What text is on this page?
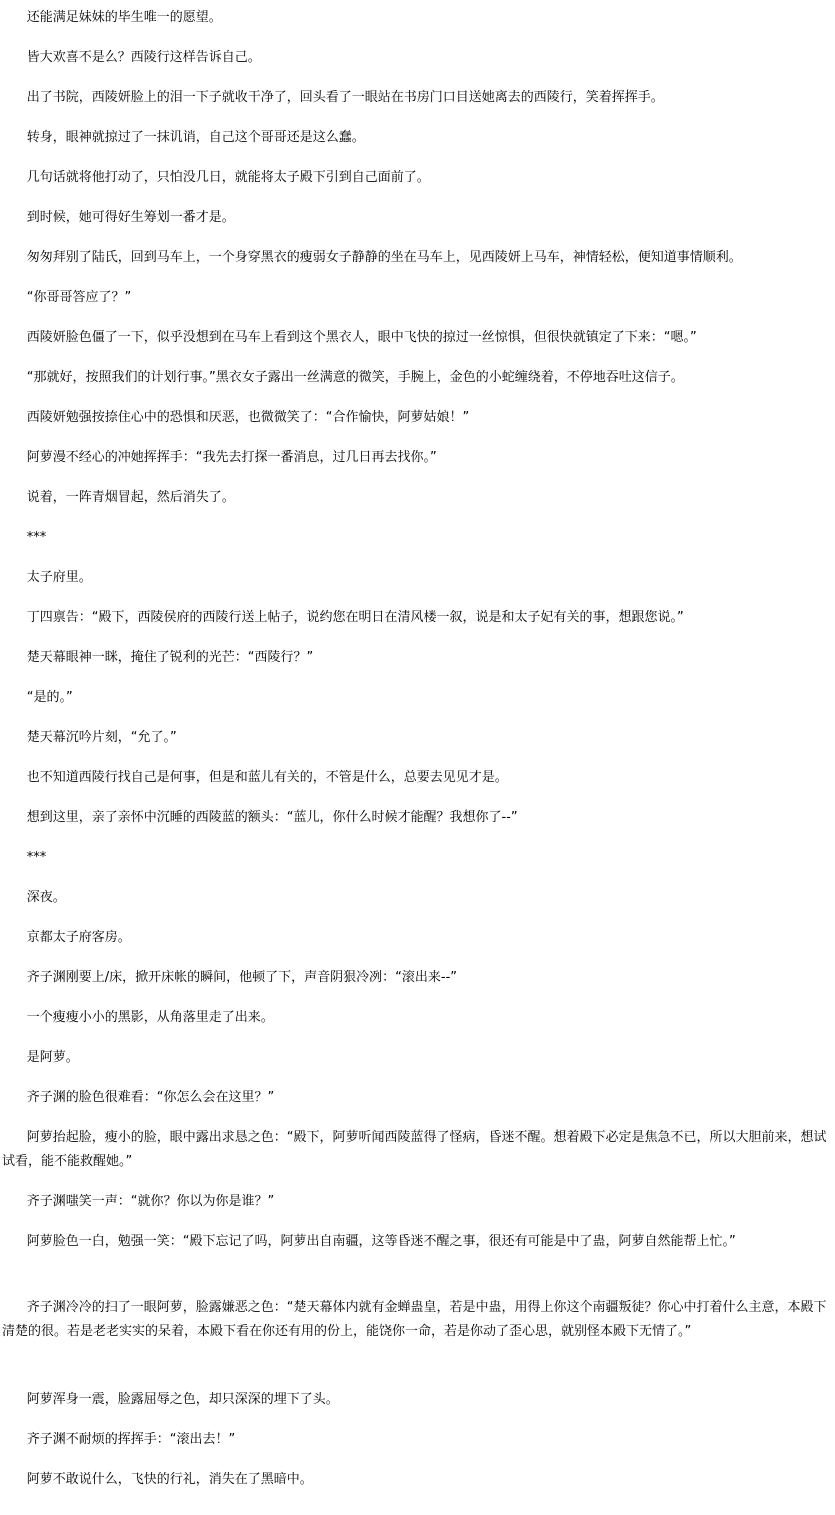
还能满足妹妹的毕生唯一的愿望。

皆大欢喜不是么？西陵行这样告诉自己。

出了书院，西陵妍脸上的泪一下子就收干净了，回头看了一眼站在书房门口目送她离去的西陵行，笑着挥挥手。

转身，眼神就掠过了一抹讥诮，自己这个哥哥还是这么蠢。

几句话就将他打动了，只怕没几日，就能将太子殿下引到自己面前了。

到时候，她可得好生筹划一番才是。

匆匆拜别了陆氏，回到马车上，一个身穿黑衣的瘦弱女子静静的坐在马车上，见西陵妍上马车，神情轻松，便知道事情顺利。

“你哥哥答应了？”

西陵妍脸色僵了一下，似乎没想到在马车上看到这个黑衣人，眼中飞快的掠过一丝惊惧，但很快就镇定了下来：“嗯。”

“那就好，按照我们的计划行事。”黑衣女子露出一丝满意的微笑，手腕上，金色的小蛇缠绕着，不停地吞吐这信子。

西陵妍勉强按捺住心中的恐惧和厌恶，也微微笑了：“合作愉快，阿萝姑娘！”

阿萝漫不经心的冲她挥挥手：“我先去打探一番消息，过几日再去找你。”

说着，一阵青烟冒起，然后消失了。

***

太子府里。

丁四禀告：“殿下，西陵侯府的西陵行送上帖子，说约您在明日在清风楼一叙，说是和太子妃有关的事，想跟您说。”

楚天幕眼神一眯，掩住了锐利的光芒：“西陵行？”

“是的。”

楚天幕沉吟片刻，“允了。”

也不知道西陵行找自己是何事，但是和蓝儿有关的，不管是什么，总要去见见才是。

想到这里，亲了亲怀中沉睡的西陵蓝的额头：“蓝儿，你什么时候才能醒？我想你了--”

***

深夜。

京都太子府客房。

齐子渊刚要上/床，掀开床帐的瞬间，他顿了下，声音阴狠冷冽：“滚出来--”

一个瘦瘦小小的黑影，从角落里走了出来。

是阿萝。

齐子渊的脸色很难看：“你怎么会在这里？”

阿萝抬起脸，瘦小的脸，眼中露出求恳之色：“殿下，阿萝听闻西陵蓝得了怪病，昏迷不醒。想着殿下必定是焦急不已，所以大胆前来，想试试看，能不能救醒她。”

齐子渊嗤笑一声：“就你？你以为你是谁？”

阿萝脸色一白，勉强一笑：“殿下忘记了吗，阿萝出自南疆，这等昏迷不醒之事，很还有可能是中了蛊，阿萝自然能帮上忙。”

齐子渊冷冷的扫了一眼阿萝，脸露嫌恶之色：“楚天幕体内就有金蝉蛊皇，若是中蛊，用得上你这个南疆叛徒？你心中打着什么主意，本殿下清楚的很。若是老老实实的呆着，本殿下看在你还有用的份上，能饶你一命，若是你动了歪心思，就别怪本殿下无情了。”

阿萝浑身一震，脸露屈辱之色，却只深深的埋下了头。

齐子渊不耐烦的挥挥手：“滚出去！”

阿萝不敢说什么，飞快的行礼，消失在了黑暗中。
